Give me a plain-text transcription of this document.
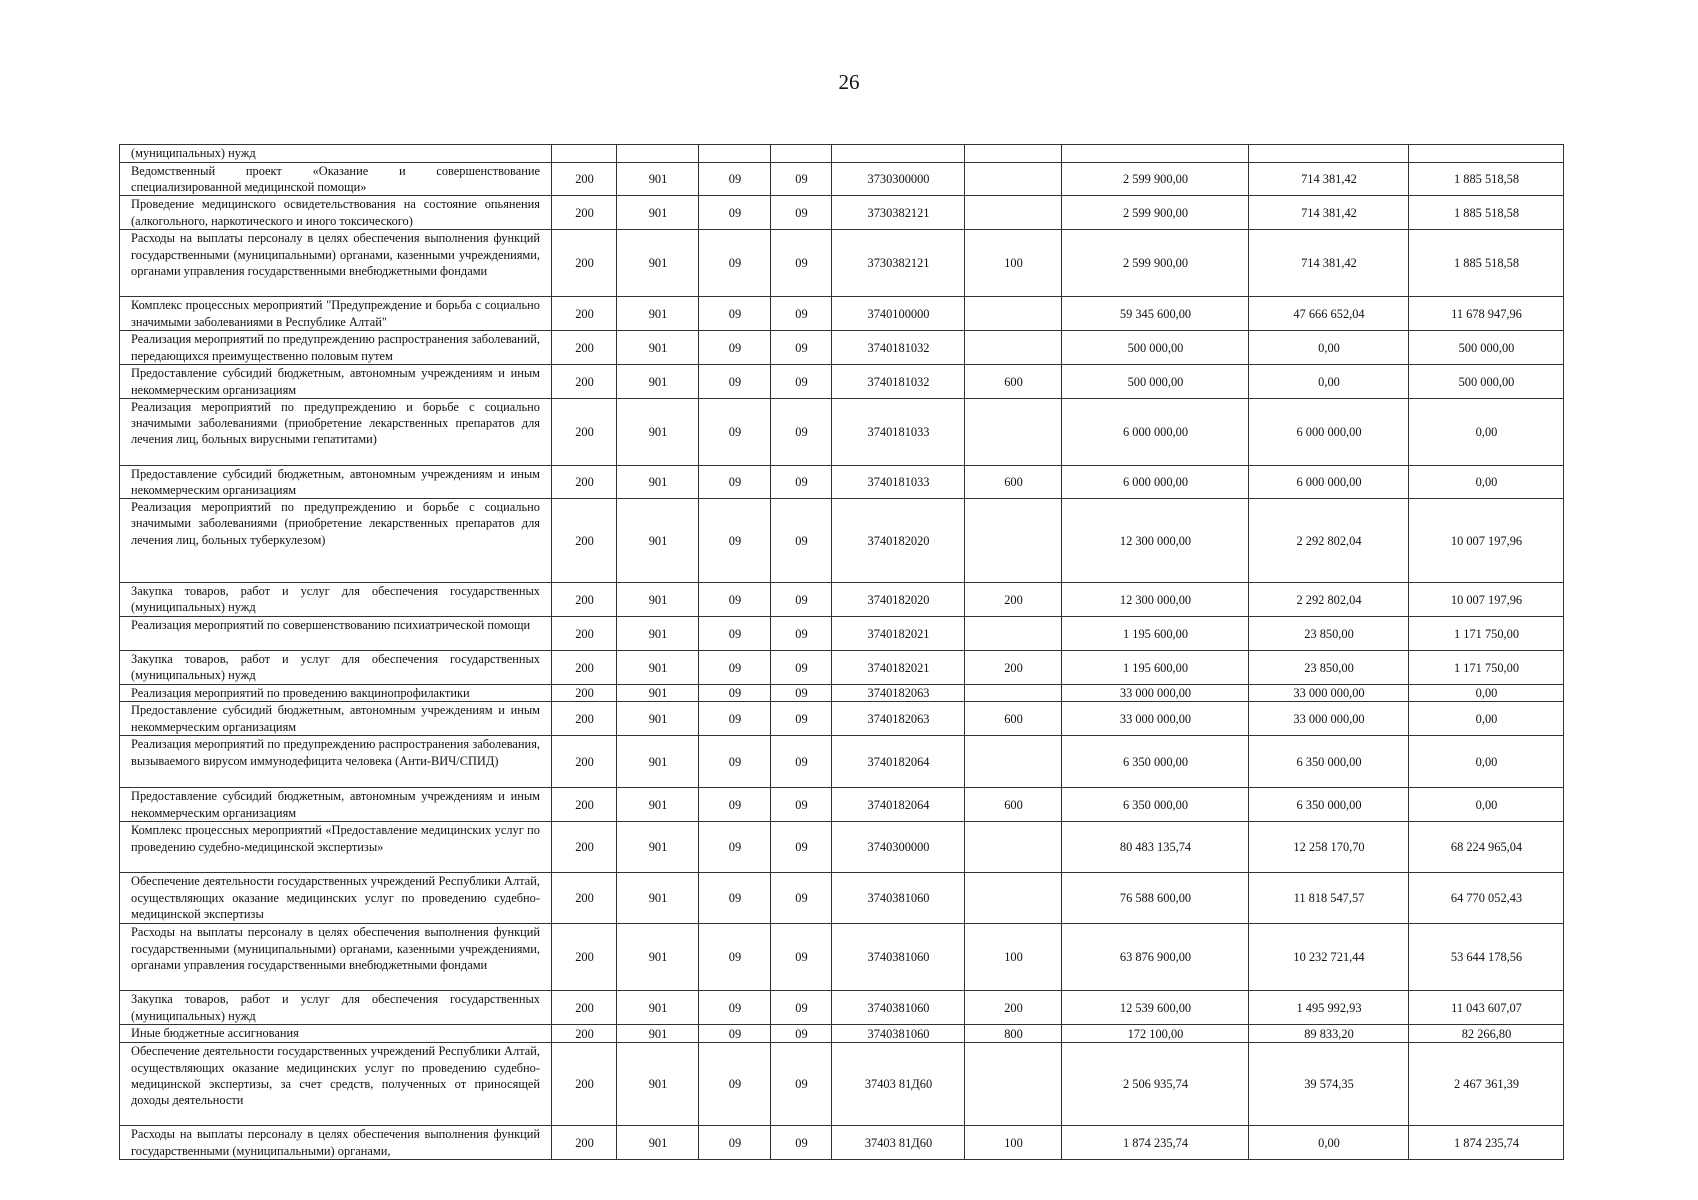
26
(муниципальных) нужд									
Ведомственный проект «Оказание и совершенствование специализированной медицинской помощи»	200	901	09	09	3730300000		2 599 900,00	714 381,42	1 885 518,58
Проведение медицинского освидетельствования на состояние опьянения (алкогольного, наркотического и иного токсического)	200	901	09	09	3730382121		2 599 900,00	714 381,42	1 885 518,58
Расходы на выплаты персоналу в целях обеспечения выполнения функций государственными (муниципальными) органами, казенными учреждениями, органами управления государственными внебюджетными фондами	200	901	09	09	3730382121	100	2 599 900,00	714 381,42	1 885 518,58
Комплекс процессных мероприятий "Предупреждение и борьба с социально значимыми заболеваниями в Республике Алтай"	200	901	09	09	3740100000		59 345 600,00	47 666 652,04	11 678 947,96
Реализация мероприятий по предупреждению распространения заболеваний, передающихся преимущественно половым путем	200	901	09	09	3740181032		500 000,00	0,00	500 000,00
Предоставление субсидий бюджетным, автономным учреждениям и иным некоммерческим организациям	200	901	09	09	3740181032	600	500 000,00	0,00	500 000,00
Реализация мероприятий по предупреждению и борьбе с социально значимыми заболеваниями (приобретение лекарственных препаратов для лечения лиц, больных вирусными гепатитами)	200	901	09	09	3740181033		6 000 000,00	6 000 000,00	0,00
Предоставление субсидий бюджетным, автономным учреждениям и иным некоммерческим организациям	200	901	09	09	3740181033	600	6 000 000,00	6 000 000,00	0,00
Реализация мероприятий по предупреждению и борьбе с социально значимыми заболеваниями (приобретение лекарственных препаратов для лечения лиц, больных туберкулезом)	200	901	09	09	3740182020		12 300 000,00	2 292 802,04	10 007 197,96
Закупка товаров, работ и услуг для обеспечения государственных (муниципальных) нужд	200	901	09	09	3740182020	200	12 300 000,00	2 292 802,04	10 007 197,96
Реализация мероприятий по совершенствованию психиатрической помощи	200	901	09	09	3740182021		1 195 600,00	23 850,00	1 171 750,00
Закупка товаров, работ и услуг для обеспечения государственных (муниципальных) нужд	200	901	09	09	3740182021	200	1 195 600,00	23 850,00	1 171 750,00
Реализация мероприятий по проведению вакцинопрофилактики	200	901	09	09	3740182063		33 000 000,00	33 000 000,00	0,00
Предоставление субсидий бюджетным, автономным учреждениям и иным некоммерческим организациям	200	901	09	09	3740182063	600	33 000 000,00	33 000 000,00	0,00
Реализация мероприятий по предупреждению распространения заболевания, вызываемого вирусом иммунодефицита человека (Анти-ВИЧ/СПИД)	200	901	09	09	3740182064		6 350 000,00	6 350 000,00	0,00
Предоставление субсидий бюджетным, автономным учреждениям и иным некоммерческим организациям	200	901	09	09	3740182064	600	6 350 000,00	6 350 000,00	0,00
Комплекс процессных мероприятий «Предоставление медицинских услуг по проведению судебно-медицинской экспертизы»	200	901	09	09	3740300000		80 483 135,74	12 258 170,70	68 224 965,04
Обеспечение деятельности государственных учреждений Республики Алтай, осуществляющих оказание медицинских услуг по проведению судебно-медицинской экспертизы	200	901	09	09	3740381060		76 588 600,00	11 818 547,57	64 770 052,43
Расходы на выплаты персоналу в целях обеспечения выполнения функций государственными (муниципальными) органами, казенными учреждениями, органами управления государственными внебюджетными фондами	200	901	09	09	3740381060	100	63 876 900,00	10 232 721,44	53 644 178,56
Закупка товаров, работ и услуг для обеспечения государственных (муниципальных) нужд	200	901	09	09	3740381060	200	12 539 600,00	1 495 992,93	11 043 607,07
Иные бюджетные ассигнования	200	901	09	09	3740381060	800	172 100,00	89 833,20	82 266,80
Обеспечение деятельности государственных учреждений Республики Алтай, осуществляющих оказание медицинских услуг по проведению судебно-медицинской экспертизы, за счет средств, полученных от приносящей доходы деятельности	200	901	09	09	37403 81Д60		2 506 935,74	39 574,35	2 467 361,39
Расходы на выплаты персоналу в целях обеспечения выполнения функций государственными (муниципальными) органами,	200	901	09	09	37403 81Д60	100	1 874 235,74	0,00	1 874 235,74
